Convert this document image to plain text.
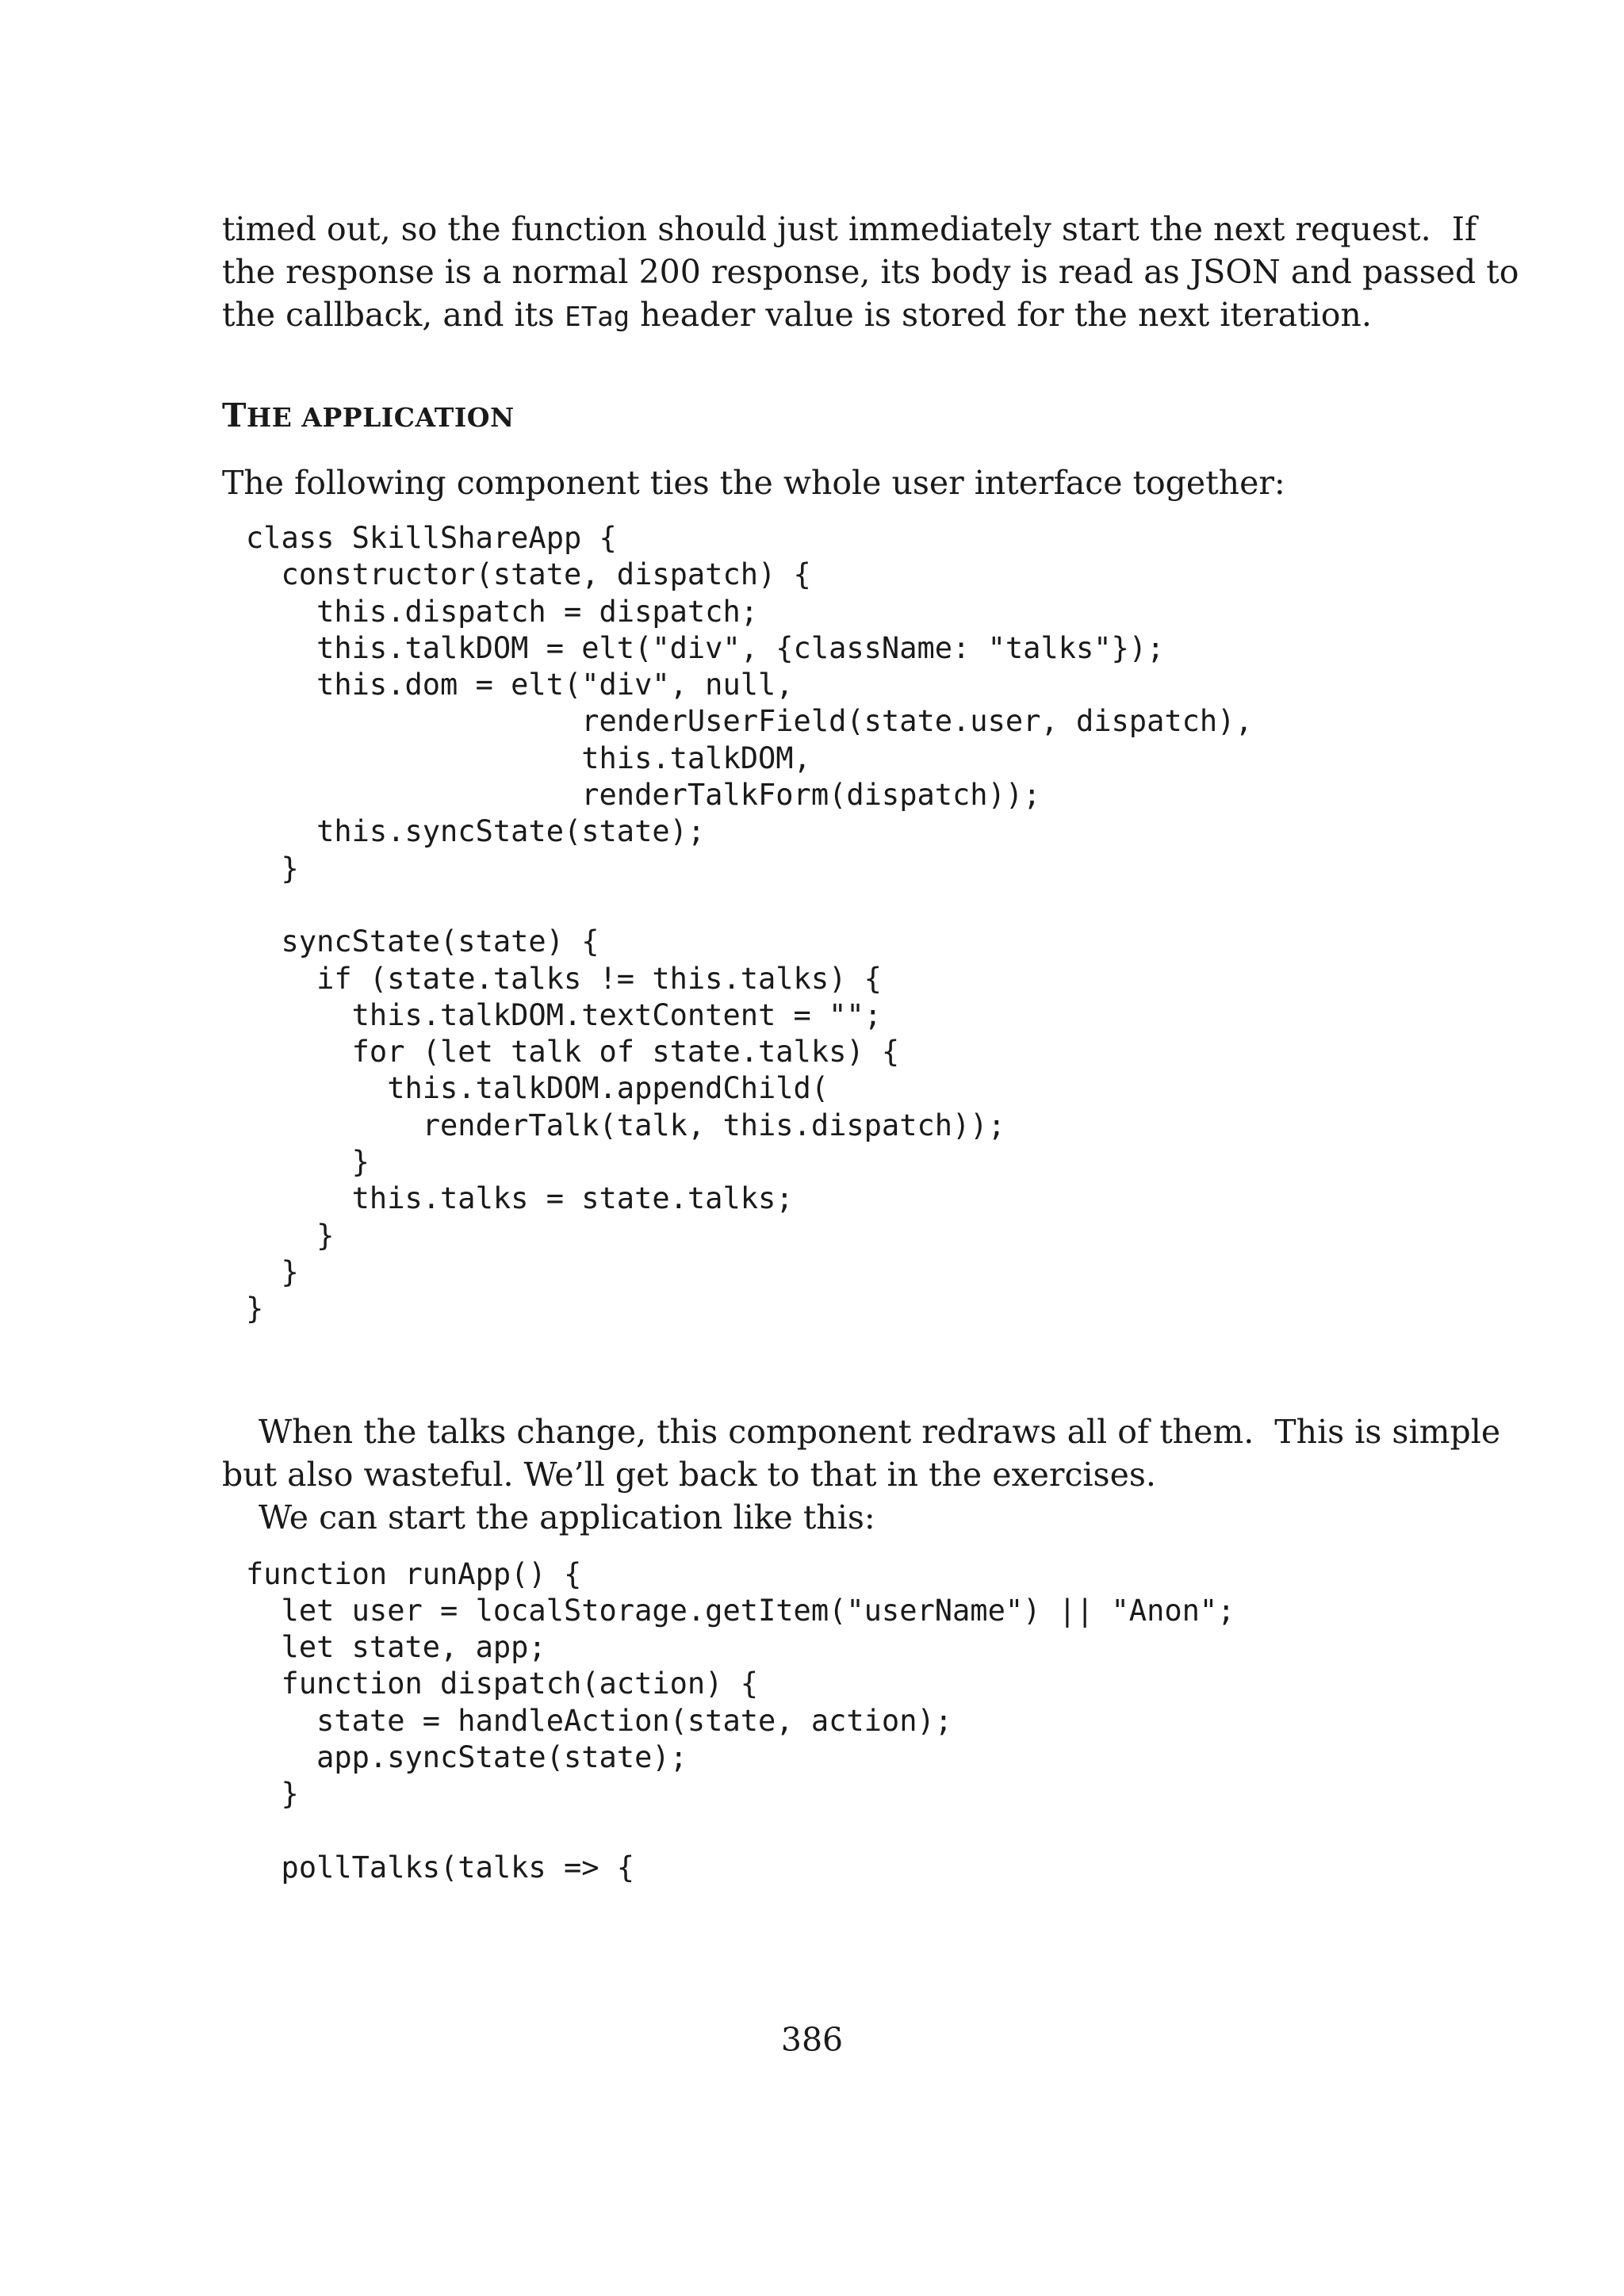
timed out, so the function should just immediately start the next request.  If
the response is a normal 200 response, its body is read as JSON and passed to
the callback, and its ETag header value is stored for the next iteration.

THE APPLICATION

The following component ties the whole user interface together:

class SkillShareApp {
constructor(state, dispatch) {
this.dispatch = dispatch;
this.talkDOM = elt("div", {className: "talks"});
this.dom = elt("div", null,
renderUserField(state.user, dispatch),
this.talkDOM,
renderTalkForm(dispatch));
this.syncState(state);
}

syncState(state) {
if (state.talks != this.talks) {
this.talkDOM.textContent = "";
for (let talk of state.talks) {
this.talkDOM.appendChild(
renderTalk(talk, this.dispatch));
}
this.talks = state.talks;
}
}
}

When the talks change, this component redraws all of them.  This is simple
but also wasteful. We’ll get back to that in the exercises.
We can start the application like this:

function runApp() {
let user = localStorage.getItem("userName") || "Anon";
let state, app;
function dispatch(action) {
state = handleAction(state, action);
app.syncState(state);
}

pollTalks(talks => {
386
